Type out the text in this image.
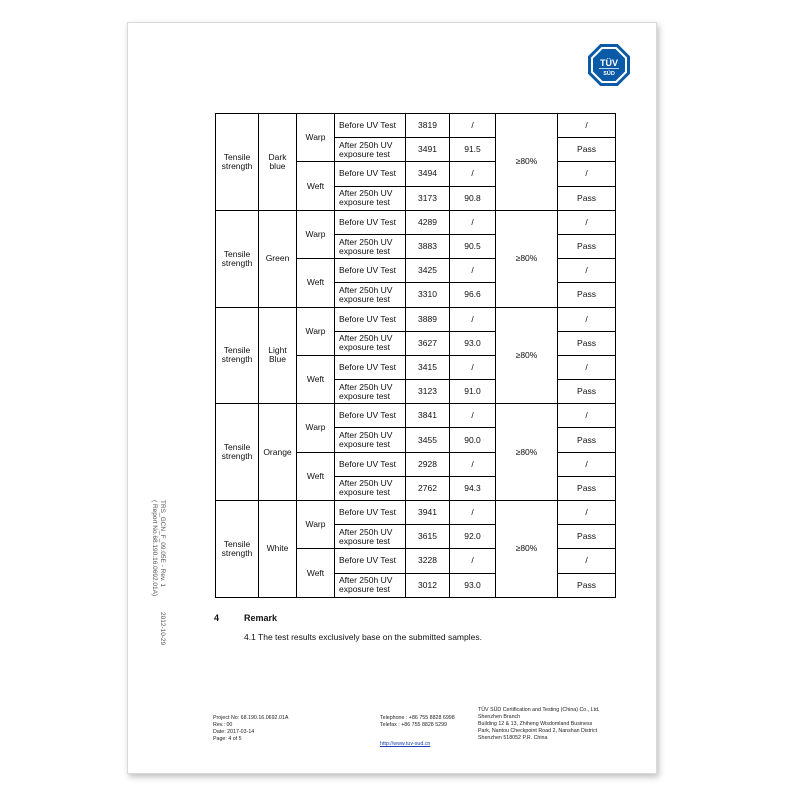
TÜV
SÜD
TRS_GCN_F_09.05E - Rev. 1
( Report No.68.190.16.0692.01A)
2012-10-29
Tensile strength	Dark blue	Warp	Before UV Test	3819	/	≥80%	/
			After 250h UV exposure test	3491	91.5		Pass
		Weft	Before UV Test	3494	/		/
			After 250h UV exposure test	3173	90.8		Pass
Tensile strength	Green	Warp	Before UV Test	4289	/	≥80%	/
			After 250h UV exposure test	3883	90.5		Pass
		Weft	Before UV Test	3425	/		/
			After 250h UV exposure test	3310	96.6		Pass
Tensile strength	Light Blue	Warp	Before UV Test	3889	/	≥80%	/
			After 250h UV exposure test	3627	93.0		Pass
		Weft	Before UV Test	3415	/		/
			After 250h UV exposure test	3123	91.0		Pass
Tensile strength	Orange	Warp	Before UV Test	3841	/	≥80%	/
			After 250h UV exposure test	3455	90.0		Pass
		Weft	Before UV Test	2928	/		/
			After 250h UV exposure test	2762	94.3		Pass
Tensile strength	White	Warp	Before UV Test	3941	/	≥80%	/
			After 250h UV exposure test	3615	92.0		Pass
		Weft	Before UV Test	3228	/		/
			After 250h UV exposure test	3012	93.0		Pass
4	Remark
4.1 The test results exclusively base on the submitted samples.
Project No: 68.190.16.0692.01A
Rev.: 00
Date: 2017-03-14
Page: 4 of 5
Telephone : +86 755 8828 6998
Telefax : +86 755 8828 5299
http://www.tuv-sud.cn
TÜV SÜD Certification and Testing (China) Co., Ltd.
Shenzhen Branch
Building 12 & 13, Zhiheng Wisdomland Business
Park, Nantou Checkpoint Road 2, Nanshan District
Shenzhen 518052 P.R. China
